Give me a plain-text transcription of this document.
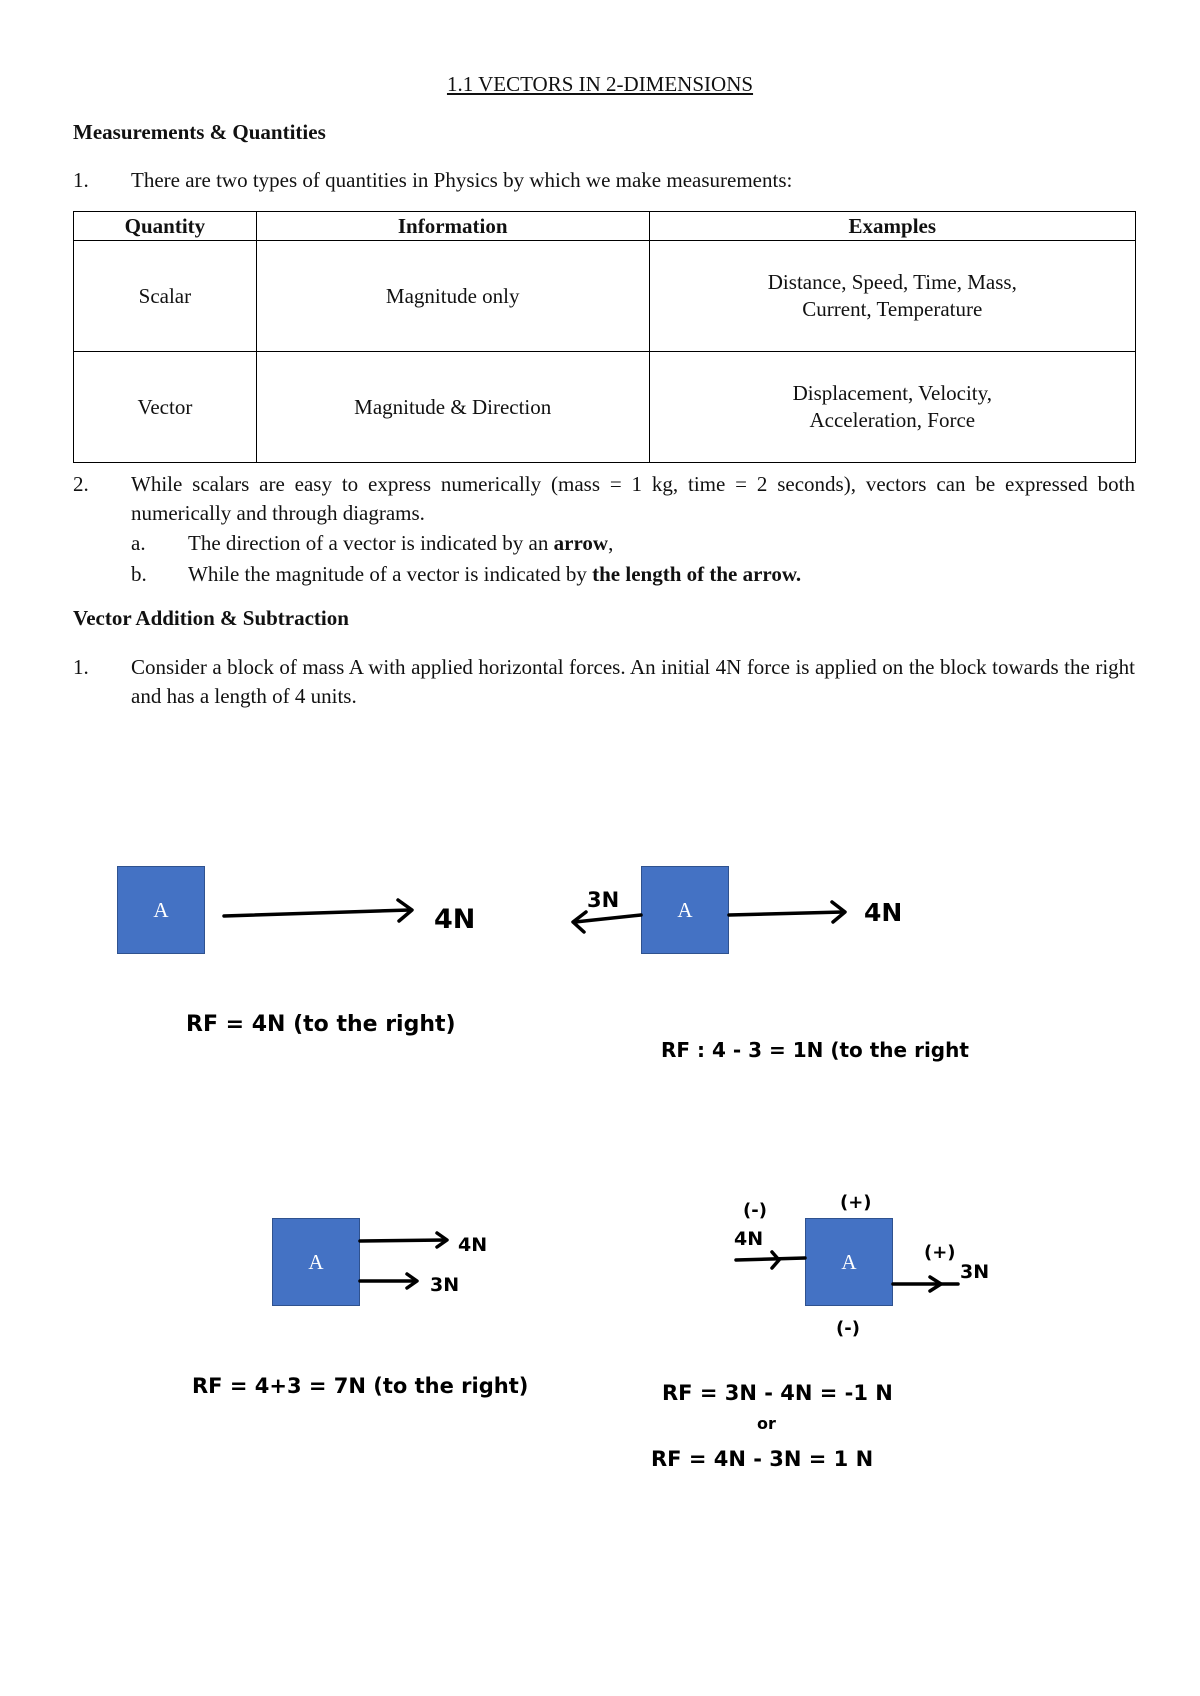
1.1 VECTORS IN 2-DIMENSIONS
Measurements & Quantities
1. There are two types of quantities in Physics by which we make measurements:
Quantity	Information	Examples
Scalar	Magnitude only	Distance, Speed, Time, Mass,
Current, Temperature
Vector	Magnitude & Direction	Displacement, Velocity,
Acceleration, Force
2. While scalars are easy to express numerically (mass = 1 kg, time = 2 seconds), vectors can be expressed both numerically and through diagrams.
a. The direction of a vector is indicated by an arrow,
b. While the magnitude of a vector is indicated by the length of the arrow.
Vector Addition & Subtraction
1. Consider a block of mass A with applied horizontal forces. An initial 4N force is applied on the block towards the right and has a length of 4 units.
A	A
A	A
4N
RF = 4N (to the right)
3N	4N
RF : 4 - 3 = 1N (to the right
4N
3N
RF = 4+3 = 7N (to the right)
(-)
4N
(+)
(+)
3N
(-)
RF = 3N - 4N = -1 N
or
RF = 4N - 3N = 1 N
